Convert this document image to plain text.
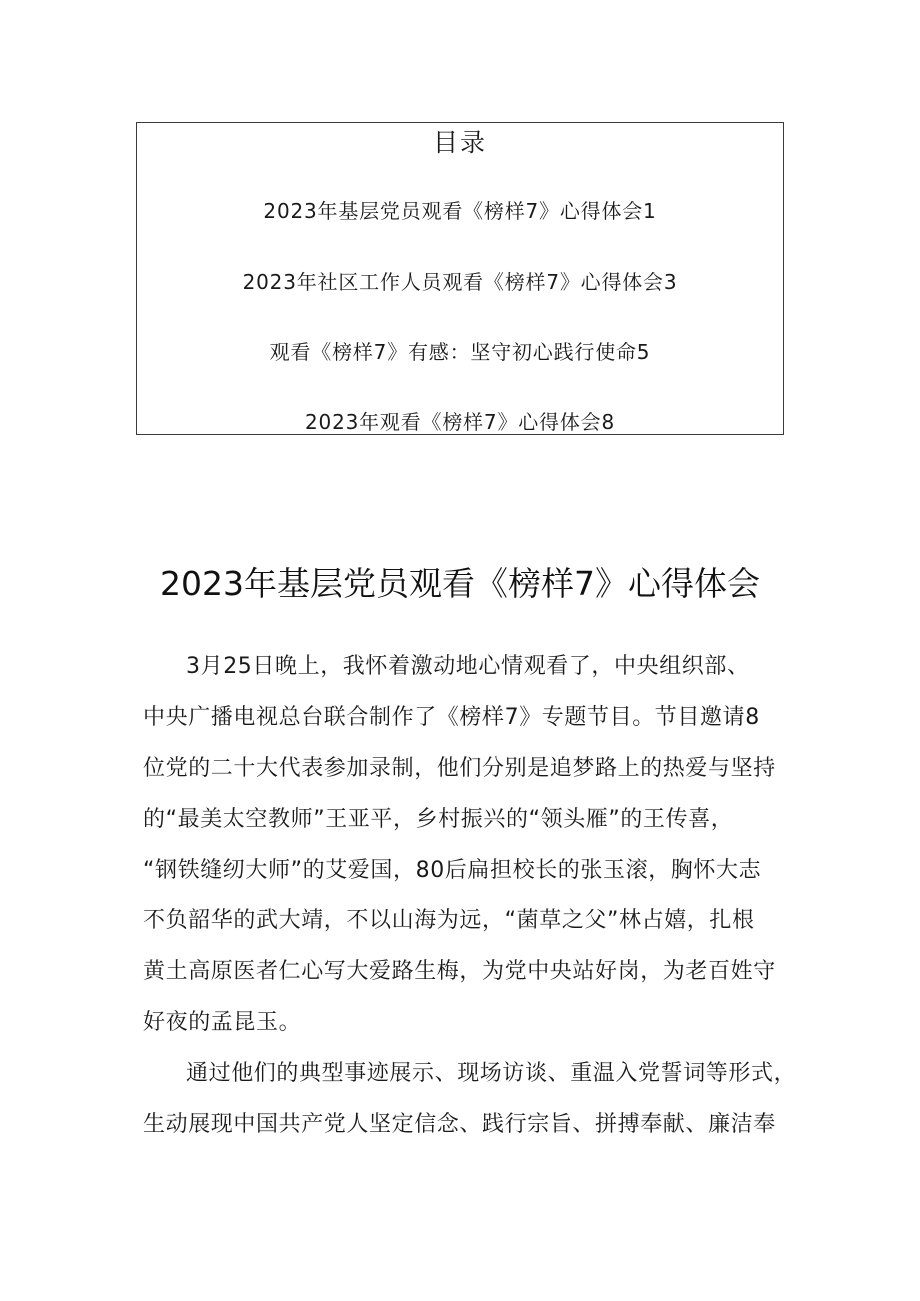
目录
2023年基层党员观看《榜样7》心得体会1
2023年社区工作人员观看《榜样7》心得体会3
观看《榜样7》有感：坚守初心践行使命5
2023年观看《榜样7》心得体会8
2023年基层党员观看《榜样7》心得体会
3月25日晚上，我怀着激动地心情观看了，中央组织部、
中央广播电视总台联合制作了《榜样7》专题节目。节目邀请8
位党的二十大代表参加录制，他们分别是追梦路上的热爱与坚持
的“最美太空教师”王亚平，乡村振兴的“领头雁”的王传喜，
“钢铁缝纫大师”的艾爱国，80后扁担校长的张玉滚，胸怀大志
不负韶华的武大靖，不以山海为远，“菌草之父”林占嬉，扎根
黄土高原医者仁心写大爱路生梅，为党中央站好岗，为老百姓守
好夜的孟昆玉。
通过他们的典型事迹展示、现场访谈、重温入党誓词等形式，
生动展现中国共产党人坚定信念、践行宗旨、拼搏奉献、廉洁奉
